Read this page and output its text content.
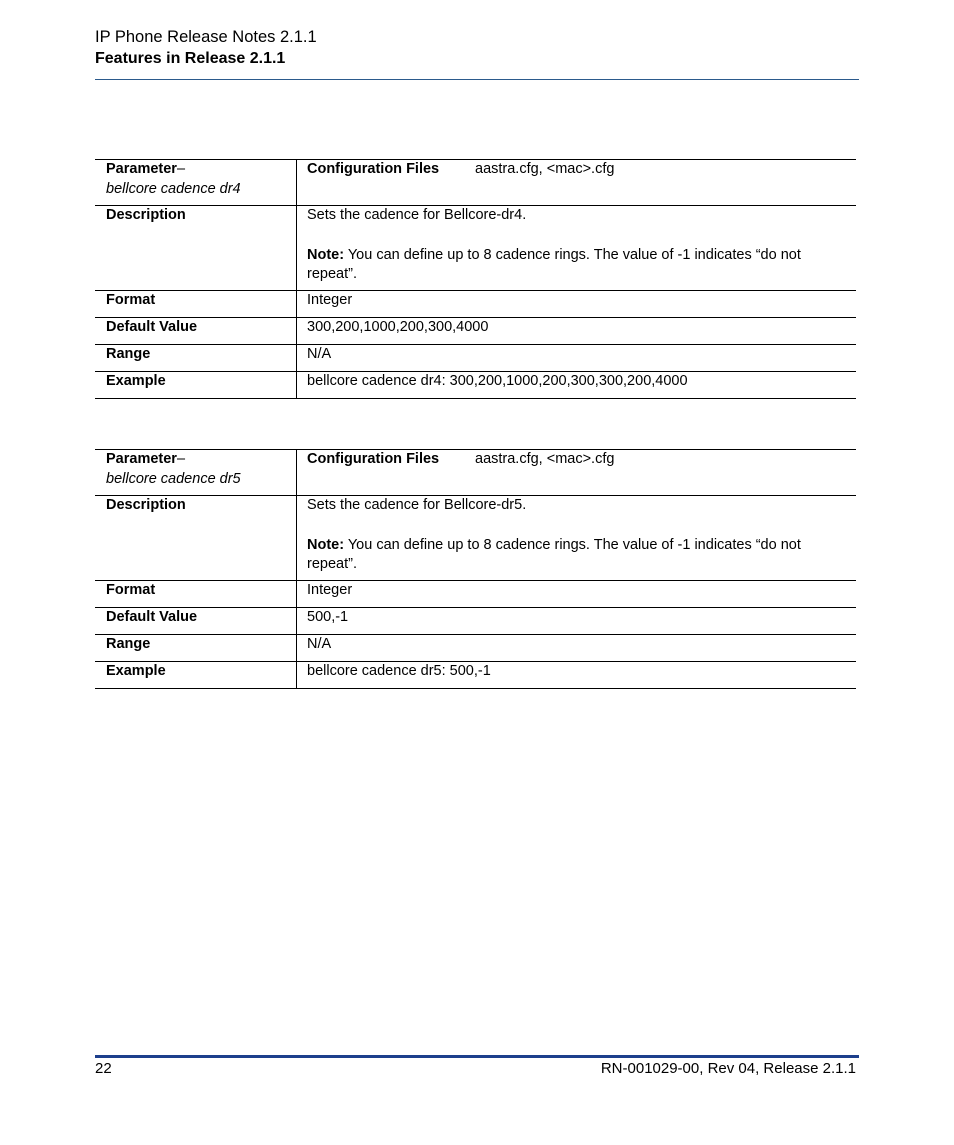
IP Phone Release Notes 2.1.1
Features in Release 2.1.1
Parameter–
bellcore cadence dr4	Configuration Files aastra.cfg, <mac>.cfg
Description	Sets the cadence for Bellcore-dr4.
Note: You can define up to 8 cadence rings. The value of -1 indicates “do not repeat”.

Format	Integer
Default Value	300,200,1000,200,300,4000
Range	N/A
Example	bellcore cadence dr4: 300,200,1000,200,300,300,200,4000
Parameter–
bellcore cadence dr5	Configuration Files aastra.cfg, <mac>.cfg
Description	Sets the cadence for Bellcore-dr5.
Note: You can define up to 8 cadence rings. The value of -1 indicates “do not repeat”.

Format	Integer
Default Value	500,-1
Range	N/A
Example	bellcore cadence dr5: 500,-1
22	RN-001029-00, Rev 04, Release 2.1.1
